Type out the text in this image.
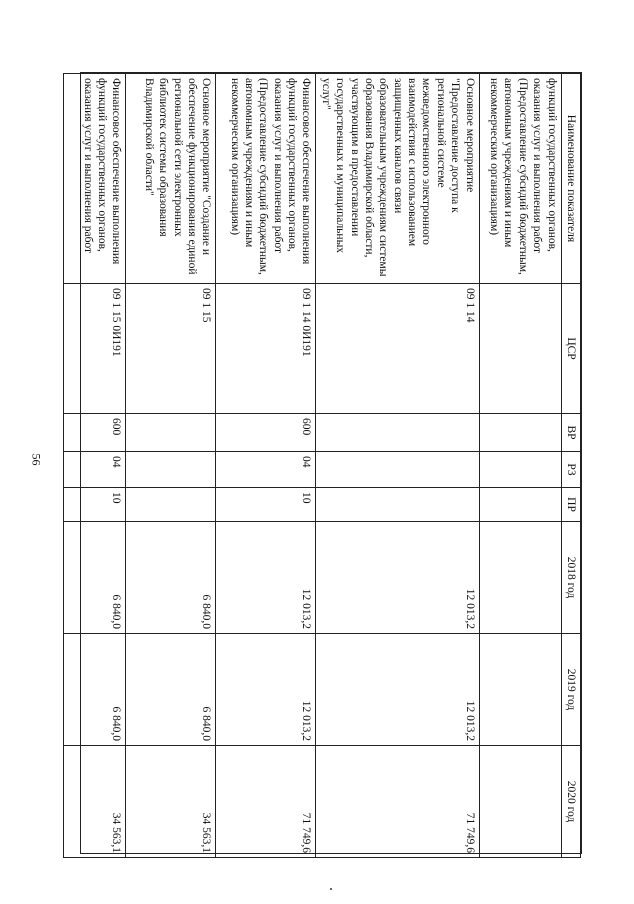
56
Наименование показателя	ЦСР	ВР	РЗ	ПР	2018 год	2019 год	2020 год
функций государственных органов, оказания услуг и выполнения работ (Предоставление субсидий бюджетным, автономным учреждениям и иным некоммерческим организациям)							
Основное мероприятие "Предоставление доступа к региональной системе межведомственного электронного взаимодействия с использованием защищенных каналов связи образовательным учреждениям системы образования Владимирской области, участвующим в предоставлении государственных и муниципальных услуг"	09 1 14				12 013,2	12 013,2	71 749,6
Финансовое обеспечение выполнения функций государственных органов, оказания услуг и выполнения работ (Предоставление субсидий бюджетным, автономным учреждениям и иным некоммерческим организациям)	09 1 14 0И191	600	04	10	12 013,2	12 013,2	71 749,6
Основное мероприятие "Создание и обеспечение функционирования единой региональной сети электронных библиотек системы образования Владимирской области"	09 1 15				6 840,0	6 840,0	34 563,1
Финансовое обеспечение выполнения функций государственных органов, оказания услуг и выполнения работ	09 1 15 0И191	600	04	10	6 840,0	6 840,0	34 563,1
